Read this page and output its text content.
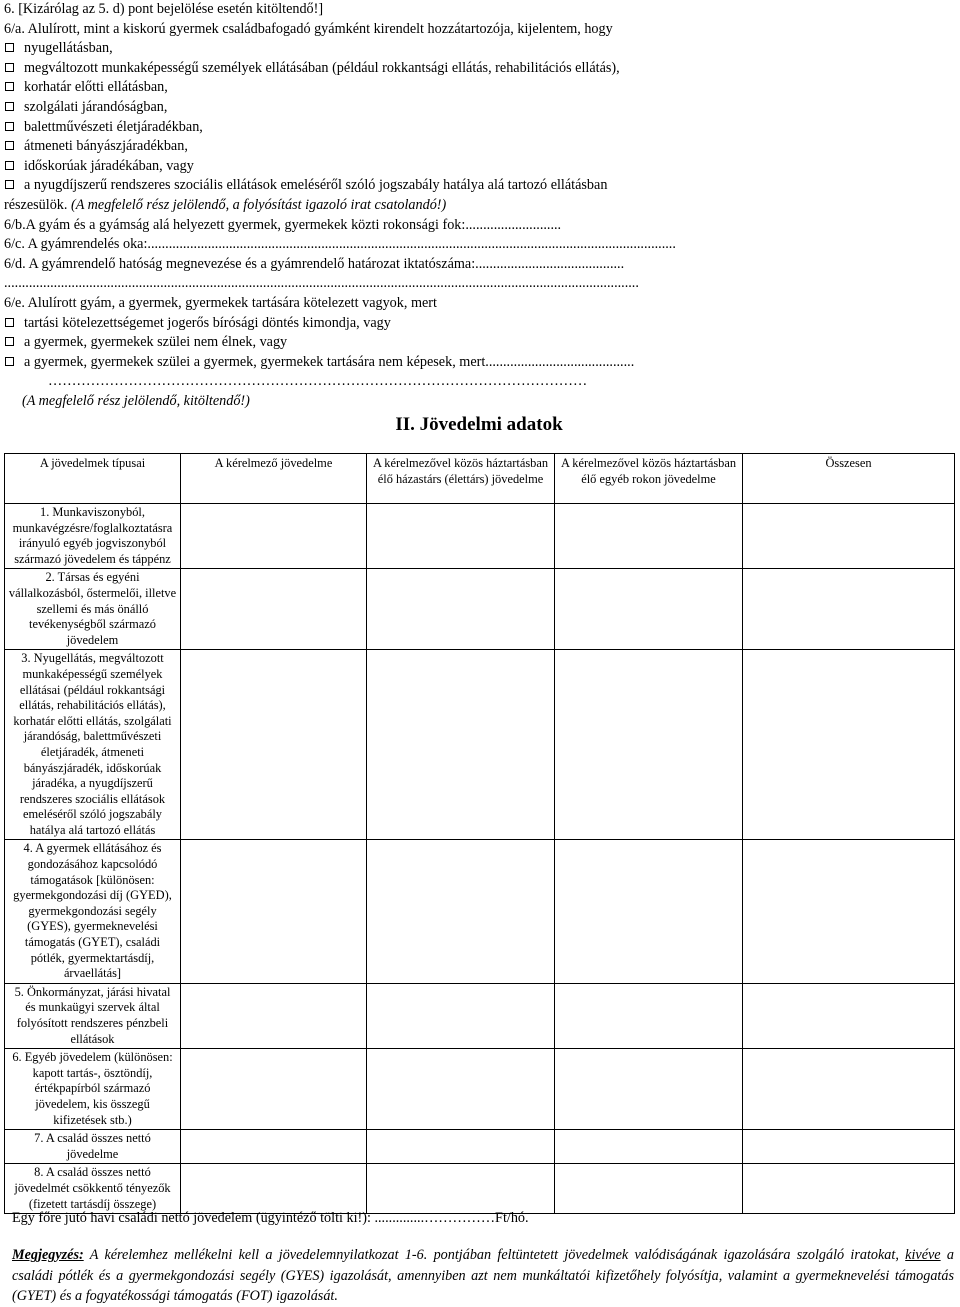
6. [Kizárólag az 5. d) pont bejelölése esetén kitöltendő!]
6/a. Alulírott, mint a kiskorú gyermek családbafogadó gyámként kirendelt hozzátartozója, kijelentem, hogy
nyugellátásban,
megváltozott munkaképességű személyek ellátásában (például rokkantsági ellátás, rehabilitációs ellátás),
korhatár előtti ellátásban,
szolgálati járandóságban,
balettművészeti életjáradékban,
átmeneti bányászjáradékban,
időskorúak járadékában, vagy
a nyugdíjszerű rendszeres szociális ellátások emeléséről szóló jogszabály hatálya alá tartozó ellátásban
részesülök. (A megfelelő rész jelölendő, a folyósítást igazoló irat csatolandó!)
6/b.A gyám és a gyámság alá helyezett gyermek, gyermekek közti rokonsági fok:...........................
6/c. A gyámrendelés oka:.....................................................................................................................................................
6/d. A gyámrendelő hatóság megnevezése és a gyámrendelő határozat iktatószáma:..........................................
...................................................................................................................................................................................
6/e. Alulírott gyám, a gyermek, gyermekek tartására kötelezett vagyok, mert
tartási kötelezettségemet jogerős bírósági döntés kimondja, vagy
a gyermek, gyermekek szülei nem élnek, vagy
a gyermek, gyermekek szülei a gyermek, gyermekek tartására nem képesek, mert..........................................
……………………………………………………………………………………………………
(A megfelelő rész jelölendő, kitöltendő!)
II. Jövedelmi adatok
A jövedelmek típusai	A kérelmező jövedelme	A kérelmezővel közös háztartásban élő házastárs (élettárs) jövedelme	A kérelmezővel közös háztartásban élő egyéb rokon jövedelme	Összesen
1. Munkaviszonyból, munkavégzésre/foglalkoztatásra irányuló egyéb jogviszonyból származó jövedelem és táppénz				
2. Társas és egyéni vállalkozásból, őstermelői, illetve szellemi és más önálló tevékenységből származó jövedelem				
3. Nyugellátás, megváltozott munkaképességű személyek ellátásai (például rokkantsági ellátás, rehabilitációs ellátás), korhatár előtti ellátás, szolgálati járandóság, balettművészeti életjáradék, átmeneti bányászjáradék, időskorúak járadéka, a nyugdíjszerű rendszeres szociális ellátások emeléséről szóló jogszabály hatálya alá tartozó ellátás				
4. A gyermek ellátásához és gondozásához kapcsolódó támogatások [különösen: gyermekgondozási díj (GYED), gyermekgondozási segély (GYES), gyermeknevelési támogatás (GYET), családi pótlék, gyermektartásdíj, árvaellátás]				
5. Önkormányzat, járási hivatal és munkaügyi szervek által folyósított rendszeres pénzbeli ellátások				
6. Egyéb jövedelem (különösen: kapott tartás-, ösztöndíj, értékpapírból származó jövedelem, kis összegű kifizetések stb.)				
7. A család összes nettó jövedelme				
8. A család összes nettó jövedelmét csökkentő tényezők (fizetett tartásdíj összege)				
Egy főre jutó havi családi nettó jövedelem (ügyintéző tölti ki!): ..............……………Ft/hó.
Megjegyzés: A kérelemhez mellékelni kell a jövedelemnyilatkozat 1-6. pontjában feltüntetett jövedelmek valódiságának igazolására szolgáló iratokat, kivéve a családi pótlék és a gyermekgondozási segély (GYES) igazolását, amennyiben azt nem munkáltatói kifizetőhely folyósítja, valamint a gyermeknevelési támogatás (GYET) és a fogyatékossági támogatás (FOT) igazolását.
